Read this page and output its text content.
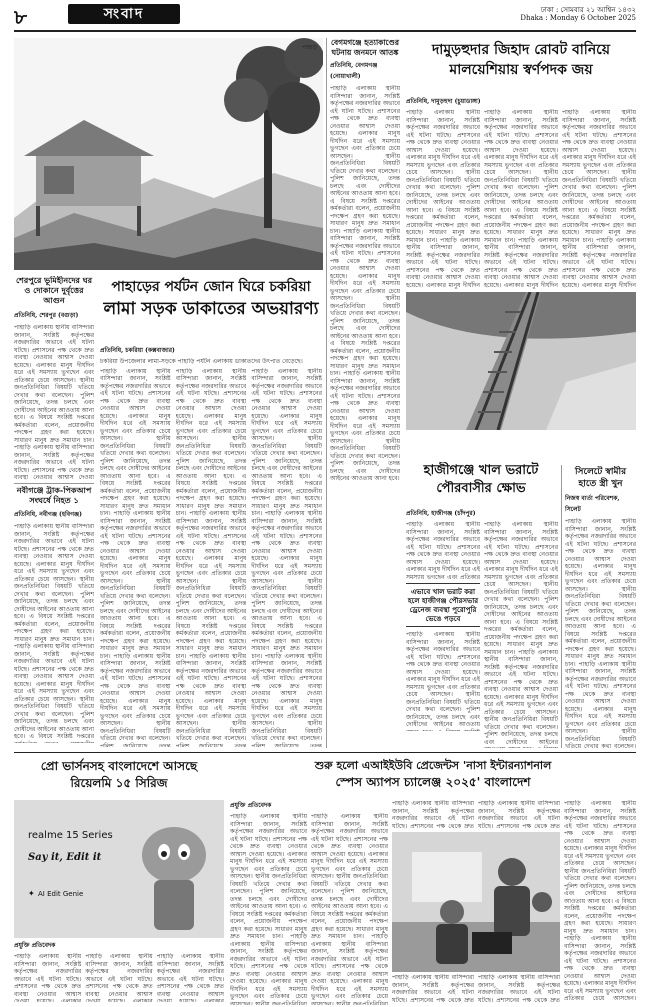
৮	সংবাদ	ঢাকা : সোমবার ২১ আশ্বিন ১৪৩২
Dhaka : Monday 6 October 2025
পাহাড়
শেরপুরে ভূমিহীনদের ঘর ও দোকানে দুর্বৃত্তের আগুন
প্রতিনিধি, শেরপুর (বগুড়া)
পাহাড়ি এলাকায় স্থানীয় বাসিন্দারা জানান, সংশ্লিষ্ট কর্তৃপক্ষের নজরদারির অভাবে এই ঘটনা ঘটছে। প্রশাসনের পক্ষ থেকে দ্রুত ব্যবস্থা নেওয়ার আশ্বাস দেওয়া হয়েছে। এলাকার মানুষ দীর্ঘদিন ধরে এই সমস্যায় ভুগছেন এবং প্রতিকার চেয়ে আসছেন। স্থানীয় জনপ্রতিনিধিরা বিষয়টি খতিয়ে দেখার কথা বলেছেন। পুলিশ জানিয়েছে, তদন্ত চলছে এবং দোষীদের আইনের আওতায় আনা হবে। এ বিষয়ে সংশ্লিষ্ট দপ্তরের কর্মকর্তারা বলেন, প্রয়োজনীয় পদক্ষেপ গ্রহণ করা হয়েছে। সাধারণ মানুষ দ্রুত সমাধান চান। পাহাড়ি এলাকায় স্থানীয় বাসিন্দারা জানান, সংশ্লিষ্ট কর্তৃপক্ষের নজরদারির অভাবে এই ঘটনা ঘটছে। প্রশাসনের পক্ষ থেকে দ্রুত ব্যবস্থা নেওয়ার আশ্বাস দেওয়া হয়েছে। এলাকার মানুষ দীর্ঘদিন ধরে এই সমস্যায় ভুগছেন এবং প্রতিকার চেয়ে আসছেন। স্থানীয় জনপ্রতিনিধিরা বিষয়টি খতিয়ে দেখার কথা বলেছেন। পুলিশ জানিয়েছে, তদন্ত চলছে এবং দোষীদের আইনের আওতায় আনা হবে। এ বিষয়ে সংশ্লিষ্ট দপ্তরের কর্মকর্তারা বলেন, প্রয়োজনীয় পদক্ষেপ গ্রহণ করা হয়েছে। সাধারণ মানুষ দ্রুত সমাধান চান। পাহাড়ি এলাকায় স্থানীয় বাসিন্দারা জানান, সংশ্লিষ্ট কর্তৃপক্ষের নজরদারির অভাবে এই ঘটনা ঘটছে। প্রশাসনের পক্ষ থেকে দ্রুত ব্যবস্থা নেওয়ার আশ্বাস দেওয়া হয়েছে। এলাকার মানুষ দীর্ঘদিন ধরে এই সমস্যায় ভুগছেন এবং প্রতিকার চেয়ে আসছেন। স্থানীয় জনপ্রতিনিধিরা বিষয়টি খতিয়ে দেখার কথা বলেছেন। পুলিশ জানিয়েছে, তদন্ত চলছে এবং দোষীদের আইনের আওতায় আনা হবে।
নবীগঞ্জে ট্রাক-পিকআপ সংঘর্ষে নিহত ১
প্রতিনিধি, নবীগঞ্জ (হবিগঞ্জ)
পাহাড়ি এলাকায় স্থানীয় বাসিন্দারা জানান, সংশ্লিষ্ট কর্তৃপক্ষের নজরদারির অভাবে এই ঘটনা ঘটছে। প্রশাসনের পক্ষ থেকে দ্রুত ব্যবস্থা নেওয়ার আশ্বাস দেওয়া হয়েছে। এলাকার মানুষ দীর্ঘদিন ধরে এই সমস্যায় ভুগছেন এবং প্রতিকার চেয়ে আসছেন। স্থানীয় জনপ্রতিনিধিরা বিষয়টি খতিয়ে দেখার কথা বলেছেন। পুলিশ জানিয়েছে, তদন্ত চলছে এবং দোষীদের আইনের আওতায় আনা হবে। এ বিষয়ে সংশ্লিষ্ট দপ্তরের কর্মকর্তারা বলেন, প্রয়োজনীয় পদক্ষেপ গ্রহণ করা হয়েছে। সাধারণ মানুষ দ্রুত সমাধান চান। পাহাড়ি এলাকায় স্থানীয় বাসিন্দারা জানান, সংশ্লিষ্ট কর্তৃপক্ষের নজরদারির অভাবে এই ঘটনা ঘটছে। প্রশাসনের পক্ষ থেকে দ্রুত ব্যবস্থা নেওয়ার আশ্বাস দেওয়া হয়েছে। এলাকার মানুষ দীর্ঘদিন ধরে এই সমস্যায় ভুগছেন এবং প্রতিকার চেয়ে আসছেন। স্থানীয় জনপ্রতিনিধিরা বিষয়টি খতিয়ে দেখার কথা বলেছেন। পুলিশ জানিয়েছে, তদন্ত চলছে এবং দোষীদের আইনের আওতায় আনা হবে। এ বিষয়ে সংশ্লিষ্ট দপ্তরের কর্মকর্তারা বলেন, প্রয়োজনীয় পদক্ষেপ গ্রহণ করা হয়েছে। সাধারণ মানুষ দ্রুত সমাধান চান। পাহাড়ি এলাকায় স্থানীয় বাসিন্দারা জানান, সংশ্লিষ্ট কর্তৃপক্ষের নজরদারির অভাবে এই ঘটনা ঘটছে। প্রশাসনের পক্ষ থেকে দ্রুত ব্যবস্থা নেওয়ার আশ্বাস দেওয়া হয়েছে। এলাকার মানুষ দীর্ঘদিন ধরে এই সমস্যায় ভুগছেন এবং প্রতিকার চেয়ে আসছেন। স্থানীয় জনপ্রতিনিধিরা বিষয়টি খতিয়ে দেখার কথা বলেছেন। পুলিশ জানিয়েছে, তদন্ত চলছে এবং দোষীদের আইনের আওতায় আনা হবে।
পাহাড়ের পর্যটন জোন ঘিরে চকরিয়া
লামা সড়ক ডাকাতের অভয়ারণ্য
প্রতিনিধি, চকরিয়া (কক্সবাজার)
চকরিয়া উপজেলার লামা-সড়কে পাহাড়ি পর্যটন এলাকায় ডাকাতদের উৎপাত বেড়েছে।
পাহাড়ি এলাকায় স্থানীয় বাসিন্দারা জানান, সংশ্লিষ্ট কর্তৃপক্ষের নজরদারির অভাবে এই ঘটনা ঘটছে। প্রশাসনের পক্ষ থেকে দ্রুত ব্যবস্থা নেওয়ার আশ্বাস দেওয়া হয়েছে। এলাকার মানুষ দীর্ঘদিন ধরে এই সমস্যায় ভুগছেন এবং প্রতিকার চেয়ে আসছেন। স্থানীয় জনপ্রতিনিধিরা বিষয়টি খতিয়ে দেখার কথা বলেছেন। পুলিশ জানিয়েছে, তদন্ত চলছে এবং দোষীদের আইনের আওতায় আনা হবে। এ বিষয়ে সংশ্লিষ্ট দপ্তরের কর্মকর্তারা বলেন, প্রয়োজনীয় পদক্ষেপ গ্রহণ করা হয়েছে। সাধারণ মানুষ দ্রুত সমাধান চান। পাহাড়ি এলাকায় স্থানীয় বাসিন্দারা জানান, সংশ্লিষ্ট কর্তৃপক্ষের নজরদারির অভাবে এই ঘটনা ঘটছে। প্রশাসনের পক্ষ থেকে দ্রুত ব্যবস্থা নেওয়ার আশ্বাস দেওয়া হয়েছে। এলাকার মানুষ দীর্ঘদিন ধরে এই সমস্যায় ভুগছেন এবং প্রতিকার চেয়ে আসছেন। স্থানীয় জনপ্রতিনিধিরা বিষয়টি খতিয়ে দেখার কথা বলেছেন। পুলিশ জানিয়েছে, তদন্ত চলছে এবং দোষীদের আইনের আওতায় আনা হবে। এ বিষয়ে সংশ্লিষ্ট দপ্তরের কর্মকর্তারা বলেন, প্রয়োজনীয় পদক্ষেপ গ্রহণ করা হয়েছে। সাধারণ মানুষ দ্রুত সমাধান চান। পাহাড়ি এলাকায় স্থানীয় বাসিন্দারা জানান, সংশ্লিষ্ট কর্তৃপক্ষের নজরদারির অভাবে এই ঘটনা ঘটছে। প্রশাসনের পক্ষ থেকে দ্রুত ব্যবস্থা নেওয়ার আশ্বাস দেওয়া হয়েছে। এলাকার মানুষ দীর্ঘদিন ধরে এই সমস্যায় ভুগছেন এবং প্রতিকার চেয়ে আসছেন। স্থানীয় জনপ্রতিনিধিরা বিষয়টি খতিয়ে দেখার কথা বলেছেন। পুলিশ জানিয়েছে, তদন্ত চলছে এবং দোষীদের আইনের আওতায় আনা হবে।
পাহাড়ি এলাকায় স্থানীয় বাসিন্দারা জানান, সংশ্লিষ্ট কর্তৃপক্ষের নজরদারির অভাবে এই ঘটনা ঘটছে। প্রশাসনের পক্ষ থেকে দ্রুত ব্যবস্থা নেওয়ার আশ্বাস দেওয়া হয়েছে। এলাকার মানুষ দীর্ঘদিন ধরে এই সমস্যায় ভুগছেন এবং প্রতিকার চেয়ে আসছেন। স্থানীয় জনপ্রতিনিধিরা বিষয়টি খতিয়ে দেখার কথা বলেছেন। পুলিশ জানিয়েছে, তদন্ত চলছে এবং দোষীদের আইনের আওতায় আনা হবে। এ বিষয়ে সংশ্লিষ্ট দপ্তরের কর্মকর্তারা বলেন, প্রয়োজনীয় পদক্ষেপ গ্রহণ করা হয়েছে। সাধারণ মানুষ দ্রুত সমাধান চান। পাহাড়ি এলাকায় স্থানীয় বাসিন্দারা জানান, সংশ্লিষ্ট কর্তৃপক্ষের নজরদারির অভাবে এই ঘটনা ঘটছে। প্রশাসনের পক্ষ থেকে দ্রুত ব্যবস্থা নেওয়ার আশ্বাস দেওয়া হয়েছে। এলাকার মানুষ দীর্ঘদিন ধরে এই সমস্যায় ভুগছেন এবং প্রতিকার চেয়ে আসছেন। স্থানীয় জনপ্রতিনিধিরা বিষয়টি খতিয়ে দেখার কথা বলেছেন। পুলিশ জানিয়েছে, তদন্ত চলছে এবং দোষীদের আইনের আওতায় আনা হবে। এ বিষয়ে সংশ্লিষ্ট দপ্তরের কর্মকর্তারা বলেন, প্রয়োজনীয় পদক্ষেপ গ্রহণ করা হয়েছে। সাধারণ মানুষ দ্রুত সমাধান চান। পাহাড়ি এলাকায় স্থানীয় বাসিন্দারা জানান, সংশ্লিষ্ট কর্তৃপক্ষের নজরদারির অভাবে এই ঘটনা ঘটছে। প্রশাসনের পক্ষ থেকে দ্রুত ব্যবস্থা নেওয়ার আশ্বাস দেওয়া হয়েছে। এলাকার মানুষ দীর্ঘদিন ধরে এই সমস্যায় ভুগছেন এবং প্রতিকার চেয়ে আসছেন। স্থানীয় জনপ্রতিনিধিরা বিষয়টি খতিয়ে দেখার কথা বলেছেন। পুলিশ জানিয়েছে, তদন্ত চলছে এবং দোষীদের আইনের আওতায় আনা হবে।
পাহাড়ি এলাকায় স্থানীয় বাসিন্দারা জানান, সংশ্লিষ্ট কর্তৃপক্ষের নজরদারির অভাবে এই ঘটনা ঘটছে। প্রশাসনের পক্ষ থেকে দ্রুত ব্যবস্থা নেওয়ার আশ্বাস দেওয়া হয়েছে। এলাকার মানুষ দীর্ঘদিন ধরে এই সমস্যায় ভুগছেন এবং প্রতিকার চেয়ে আসছেন। স্থানীয় জনপ্রতিনিধিরা বিষয়টি খতিয়ে দেখার কথা বলেছেন। পুলিশ জানিয়েছে, তদন্ত চলছে এবং দোষীদের আইনের আওতায় আনা হবে। এ বিষয়ে সংশ্লিষ্ট দপ্তরের কর্মকর্তারা বলেন, প্রয়োজনীয় পদক্ষেপ গ্রহণ করা হয়েছে। সাধারণ মানুষ দ্রুত সমাধান চান। পাহাড়ি এলাকায় স্থানীয় বাসিন্দারা জানান, সংশ্লিষ্ট কর্তৃপক্ষের নজরদারির অভাবে এই ঘটনা ঘটছে। প্রশাসনের পক্ষ থেকে দ্রুত ব্যবস্থা নেওয়ার আশ্বাস দেওয়া হয়েছে। এলাকার মানুষ দীর্ঘদিন ধরে এই সমস্যায় ভুগছেন এবং প্রতিকার চেয়ে আসছেন। স্থানীয় জনপ্রতিনিধিরা বিষয়টি খতিয়ে দেখার কথা বলেছেন। পুলিশ জানিয়েছে, তদন্ত চলছে এবং দোষীদের আইনের আওতায় আনা হবে। এ বিষয়ে সংশ্লিষ্ট দপ্তরের কর্মকর্তারা বলেন, প্রয়োজনীয় পদক্ষেপ গ্রহণ করা হয়েছে। সাধারণ মানুষ দ্রুত সমাধান চান। পাহাড়ি এলাকায় স্থানীয় বাসিন্দারা জানান, সংশ্লিষ্ট কর্তৃপক্ষের নজরদারির অভাবে এই ঘটনা ঘটছে। প্রশাসনের পক্ষ থেকে দ্রুত ব্যবস্থা নেওয়ার আশ্বাস দেওয়া হয়েছে। এলাকার মানুষ দীর্ঘদিন ধরে এই সমস্যায় ভুগছেন এবং প্রতিকার চেয়ে আসছেন। স্থানীয় জনপ্রতিনিধিরা বিষয়টি খতিয়ে দেখার কথা বলেছেন। পুলিশ জানিয়েছে, তদন্ত চলছে এবং দোষীদের আইনের আওতায় আনা হবে।
বেগমগঞ্জে হত্যাকাণ্ডের ঘটনায় জনমনে আতঙ্ক
প্রতিনিধি, বেগমগঞ্জ (নোয়াখালী)
পাহাড়ি এলাকায় স্থানীয় বাসিন্দারা জানান, সংশ্লিষ্ট কর্তৃপক্ষের নজরদারির অভাবে এই ঘটনা ঘটছে। প্রশাসনের পক্ষ থেকে দ্রুত ব্যবস্থা নেওয়ার আশ্বাস দেওয়া হয়েছে। এলাকার মানুষ দীর্ঘদিন ধরে এই সমস্যায় ভুগছেন এবং প্রতিকার চেয়ে আসছেন। স্থানীয় জনপ্রতিনিধিরা বিষয়টি খতিয়ে দেখার কথা বলেছেন। পুলিশ জানিয়েছে, তদন্ত চলছে এবং দোষীদের আইনের আওতায় আনা হবে। এ বিষয়ে সংশ্লিষ্ট দপ্তরের কর্মকর্তারা বলেন, প্রয়োজনীয় পদক্ষেপ গ্রহণ করা হয়েছে। সাধারণ মানুষ দ্রুত সমাধান চান। পাহাড়ি এলাকায় স্থানীয় বাসিন্দারা জানান, সংশ্লিষ্ট কর্তৃপক্ষের নজরদারির অভাবে এই ঘটনা ঘটছে। প্রশাসনের পক্ষ থেকে দ্রুত ব্যবস্থা নেওয়ার আশ্বাস দেওয়া হয়েছে। এলাকার মানুষ দীর্ঘদিন ধরে এই সমস্যায় ভুগছেন এবং প্রতিকার চেয়ে আসছেন। স্থানীয় জনপ্রতিনিধিরা বিষয়টি খতিয়ে দেখার কথা বলেছেন। পুলিশ জানিয়েছে, তদন্ত চলছে এবং দোষীদের আইনের আওতায় আনা হবে। এ বিষয়ে সংশ্লিষ্ট দপ্তরের কর্মকর্তারা বলেন, প্রয়োজনীয় পদক্ষেপ গ্রহণ করা হয়েছে। সাধারণ মানুষ দ্রুত সমাধান চান। পাহাড়ি এলাকায় স্থানীয় বাসিন্দারা জানান, সংশ্লিষ্ট কর্তৃপক্ষের নজরদারির অভাবে এই ঘটনা ঘটছে। প্রশাসনের পক্ষ থেকে দ্রুত ব্যবস্থা নেওয়ার আশ্বাস দেওয়া হয়েছে। এলাকার মানুষ দীর্ঘদিন ধরে এই সমস্যায় ভুগছেন এবং প্রতিকার চেয়ে আসছেন। স্থানীয় জনপ্রতিনিধিরা বিষয়টি খতিয়ে দেখার কথা বলেছেন। পুলিশ জানিয়েছে, তদন্ত চলছে এবং দোষীদের আইনের আওতায় আনা হবে।
দামুড়হুদার জিহাদ রোবট বানিয়ে
মালয়েশিয়ায় স্বর্ণপদক জয়
প্রতিনিধি, দামুড়হুদা (চুয়াডাঙ্গা)
পাহাড়ি এলাকায় স্থানীয় বাসিন্দারা জানান, সংশ্লিষ্ট কর্তৃপক্ষের নজরদারির অভাবে এই ঘটনা ঘটছে। প্রশাসনের পক্ষ থেকে দ্রুত ব্যবস্থা নেওয়ার আশ্বাস দেওয়া হয়েছে। এলাকার মানুষ দীর্ঘদিন ধরে এই সমস্যায় ভুগছেন এবং প্রতিকার চেয়ে আসছেন। স্থানীয় জনপ্রতিনিধিরা বিষয়টি খতিয়ে দেখার কথা বলেছেন। পুলিশ জানিয়েছে, তদন্ত চলছে এবং দোষীদের আইনের আওতায় আনা হবে। এ বিষয়ে সংশ্লিষ্ট দপ্তরের কর্মকর্তারা বলেন, প্রয়োজনীয় পদক্ষেপ গ্রহণ করা হয়েছে। সাধারণ মানুষ দ্রুত সমাধান চান। পাহাড়ি এলাকায় স্থানীয় বাসিন্দারা জানান, সংশ্লিষ্ট কর্তৃপক্ষের নজরদারির অভাবে এই ঘটনা ঘটছে। প্রশাসনের পক্ষ থেকে দ্রুত ব্যবস্থা নেওয়ার আশ্বাস দেওয়া হয়েছে। এলাকার মানুষ দীর্ঘদিন ধরে এই সমস্যায় ভুগছেন এবং প্রতিকার চেয়ে আসছেন। স্থানীয় জনপ্রতিনিধিরা বিষয়টি খতিয়ে দেখার কথা বলেছেন। পুলিশ জানিয়েছে, তদন্ত চলছে এবং দোষীদের আইনের আওতায় আনা হবে। এ বিষয়ে সংশ্লিষ্ট দপ্তরের কর্মকর্তারা বলেন, প্রয়োজনীয় পদক্ষেপ গ্রহণ করা হয়েছে। সাধারণ মানুষ দ্রুত সমাধান চান। পাহাড়ি এলাকায় স্থানীয় বাসিন্দারা জানান, সংশ্লিষ্ট কর্তৃপক্ষের নজরদারির অভাবে এই ঘটনা ঘটছে। প্রশাসনের পক্ষ থেকে দ্রুত ব্যবস্থা নেওয়ার আশ্বাস দেওয়া হয়েছে। এলাকার মানুষ দীর্ঘদিন ধরে এই সমস্যায় ভুগছেন এবং প্রতিকার চেয়ে আসছেন। স্থানীয় জনপ্রতিনিধিরা বিষয়টি খতিয়ে দেখার কথা বলেছেন। পুলিশ জানিয়েছে, তদন্ত চলছে এবং দোষীদের আইনের আওতায় আনা হবে।
পাহাড়ি এলাকায় স্থানীয় বাসিন্দারা জানান, সংশ্লিষ্ট কর্তৃপক্ষের নজরদারির অভাবে এই ঘটনা ঘটছে। প্রশাসনের পক্ষ থেকে দ্রুত ব্যবস্থা নেওয়ার আশ্বাস দেওয়া হয়েছে। এলাকার মানুষ দীর্ঘদিন ধরে এই সমস্যায় ভুগছেন এবং প্রতিকার চেয়ে আসছেন। স্থানীয় জনপ্রতিনিধিরা বিষয়টি খতিয়ে দেখার কথা বলেছেন। পুলিশ জানিয়েছে, তদন্ত চলছে এবং দোষীদের আইনের আওতায় আনা হবে। এ বিষয়ে সংশ্লিষ্ট দপ্তরের কর্মকর্তারা বলেন, প্রয়োজনীয় পদক্ষেপ গ্রহণ করা হয়েছে। সাধারণ মানুষ দ্রুত সমাধান চান। পাহাড়ি এলাকায় স্থানীয় বাসিন্দারা জানান, সংশ্লিষ্ট কর্তৃপক্ষের নজরদারির অভাবে এই ঘটনা ঘটছে। প্রশাসনের পক্ষ থেকে দ্রুত ব্যবস্থা নেওয়ার আশ্বাস দেওয়া হয়েছে। এলাকার মানুষ দীর্ঘদিন ধরে এই সমস্যায় ভুগছেন এবং প্রতিকার চেয়ে আসছেন। স্থানীয় জনপ্রতিনিধিরা বিষয়টি খতিয়ে দেখার কথা বলেছেন। পুলিশ জানিয়েছে, তদন্ত চলছে এবং দোষীদের আইনের আওতায় আনা হবে। এ বিষয়ে সংশ্লিষ্ট দপ্তরের কর্মকর্তারা বলেন, প্রয়োজনীয় পদক্ষেপ গ্রহণ করা হয়েছে। সাধারণ মানুষ দ্রুত সমাধান চান। পাহাড়ি এলাকায় স্থানীয় বাসিন্দারা জানান, সংশ্লিষ্ট কর্তৃপক্ষের নজরদারির অভাবে এই ঘটনা ঘটছে। প্রশাসনের পক্ষ থেকে দ্রুত ব্যবস্থা নেওয়ার আশ্বাস দেওয়া হয়েছে। এলাকার মানুষ দীর্ঘদিন ধরে এই সমস্যায় ভুগছেন এবং প্রতিকার চেয়ে আসছেন। স্থানীয় জনপ্রতিনিধিরা বিষয়টি খতিয়ে দেখার কথা বলেছেন। পুলিশ জানিয়েছে, তদন্ত চলছে এবং দোষীদের আইনের আওতায় আনা হবে।
পাহাড়ি এলাকায় স্থানীয় বাসিন্দারা জানান, সংশ্লিষ্ট কর্তৃপক্ষের নজরদারির অভাবে এই ঘটনা ঘটছে। প্রশাসনের পক্ষ থেকে দ্রুত ব্যবস্থা নেওয়ার আশ্বাস দেওয়া হয়েছে। এলাকার মানুষ দীর্ঘদিন ধরে এই সমস্যায় ভুগছেন এবং প্রতিকার চেয়ে আসছেন। স্থানীয় জনপ্রতিনিধিরা বিষয়টি খতিয়ে দেখার কথা বলেছেন। পুলিশ জানিয়েছে, তদন্ত চলছে এবং দোষীদের আইনের আওতায় আনা হবে। এ বিষয়ে সংশ্লিষ্ট দপ্তরের কর্মকর্তারা বলেন, প্রয়োজনীয় পদক্ষেপ গ্রহণ করা হয়েছে। সাধারণ মানুষ দ্রুত সমাধান চান। পাহাড়ি এলাকায় স্থানীয় বাসিন্দারা জানান, সংশ্লিষ্ট কর্তৃপক্ষের নজরদারির অভাবে এই ঘটনা ঘটছে। প্রশাসনের পক্ষ থেকে দ্রুত ব্যবস্থা নেওয়ার আশ্বাস দেওয়া হয়েছে। এলাকার মানুষ দীর্ঘদিন ধরে এই সমস্যায় ভুগছেন এবং প্রতিকার চেয়ে আসছেন। স্থানীয় জনপ্রতিনিধিরা বিষয়টি খতিয়ে দেখার কথা বলেছেন। পুলিশ জানিয়েছে, তদন্ত চলছে এবং দোষীদের আইনের আওতায় আনা হবে। এ বিষয়ে সংশ্লিষ্ট দপ্তরের কর্মকর্তারা বলেন, প্রয়োজনীয় পদক্ষেপ গ্রহণ করা হয়েছে। সাধারণ মানুষ দ্রুত সমাধান চান। পাহাড়ি এলাকায় স্থানীয় বাসিন্দারা জানান, সংশ্লিষ্ট কর্তৃপক্ষের নজরদারির অভাবে এই ঘটনা ঘটছে। প্রশাসনের পক্ষ থেকে দ্রুত ব্যবস্থা নেওয়ার আশ্বাস দেওয়া হয়েছে। এলাকার মানুষ দীর্ঘদিন ধরে এই সমস্যায় ভুগছেন এবং প্রতিকার চেয়ে আসছেন। স্থানীয় জনপ্রতিনিধিরা বিষয়টি খতিয়ে দেখার কথা বলেছেন। পুলিশ জানিয়েছে, তদন্ত চলছে এবং দোষীদের আইনের আওতায় আনা হবে।
হাজীগঞ্জে খাল ভরাটে
পৌরবাসীর ক্ষোভ
প্রতিনিধি, হাজীগঞ্জ (চাঁদপুর)
পাহাড়ি এলাকায় স্থানীয় বাসিন্দারা জানান, সংশ্লিষ্ট কর্তৃপক্ষের নজরদারির অভাবে এই ঘটনা ঘটছে। প্রশাসনের পক্ষ থেকে দ্রুত ব্যবস্থা নেওয়ার আশ্বাস দেওয়া হয়েছে। এলাকার মানুষ দীর্ঘদিন ধরে এই সমস্যায় ভুগছেন এবং প্রতিকার চেয়ে আসছেন। স্থানীয় জনপ্রতিনিধিরা বিষয়টি খতিয়ে দেখার কথা বলেছেন। পুলিশ জানিয়েছে, তদন্ত চলছে এবং দোষীদের আইনের আওতায় আনা হবে। এ বিষয়ে সংশ্লিষ্ট দপ্তরের কর্মকর্তারা বলেন, প্রয়োজনীয় পদক্ষেপ গ্রহণ করা হয়েছে। সাধারণ মানুষ দ্রুত সমাধান চান। পাহাড়ি এলাকায় স্থানীয় বাসিন্দারা জানান, সংশ্লিষ্ট কর্তৃপক্ষের নজরদারির অভাবে এই ঘটনা ঘটছে। প্রশাসনের পক্ষ থেকে দ্রুত ব্যবস্থা নেওয়ার আশ্বাস দেওয়া হয়েছে। এলাকার মানুষ দীর্ঘদিন ধরে এই সমস্যায় ভুগছেন এবং প্রতিকার চেয়ে আসছেন। স্থানীয় জনপ্রতিনিধিরা বিষয়টি খতিয়ে দেখার কথা বলেছেন। পুলিশ জানিয়েছে, তদন্ত চলছে এবং দোষীদের আইনের আওতায় আনা হবে। এ বিষয়ে সংশ্লিষ্ট দপ্তরের কর্মকর্তারা বলেন, প্রয়োজনীয় পদক্ষেপ গ্রহণ করা হয়েছে। সাধারণ মানুষ দ্রুত সমাধান চান। পাহাড়ি এলাকায় স্থানীয় বাসিন্দারা জানান, সংশ্লিষ্ট কর্তৃপক্ষের নজরদারির অভাবে এই ঘটনা ঘটছে। প্রশাসনের পক্ষ থেকে দ্রুত ব্যবস্থা নেওয়ার আশ্বাস দেওয়া হয়েছে। এলাকার মানুষ দীর্ঘদিন ধরে এই সমস্যায় ভুগছেন এবং প্রতিকার চেয়ে আসছেন। স্থানীয় জনপ্রতিনিধিরা বিষয়টি খতিয়ে দেখার কথা বলেছেন। পুলিশ জানিয়েছে, তদন্ত চলছে এবং দোষীদের আইনের আওতায় আনা হবে।
এভাবে খাল ভরাট করা হলে হাজীগঞ্জ পৌরসভার ড্রেনেজ ব্যবস্থা পুরোপুরি ভেঙে পড়বে
পাহাড়ি এলাকায় স্থানীয় বাসিন্দারা জানান, সংশ্লিষ্ট কর্তৃপক্ষের নজরদারির অভাবে এই ঘটনা ঘটছে। প্রশাসনের পক্ষ থেকে দ্রুত ব্যবস্থা নেওয়ার আশ্বাস দেওয়া হয়েছে। এলাকার মানুষ দীর্ঘদিন ধরে এই সমস্যায় ভুগছেন এবং প্রতিকার চেয়ে আসছেন। স্থানীয় জনপ্রতিনিধিরা বিষয়টি খতিয়ে দেখার কথা বলেছেন। পুলিশ জানিয়েছে, তদন্ত চলছে এবং দোষীদের আইনের আওতায় আনা হবে। এ বিষয়ে সংশ্লিষ্ট দপ্তরের কর্মকর্তারা বলেন, প্রয়োজনীয় পদক্ষেপ গ্রহণ করা হয়েছে। সাধারণ মানুষ দ্রুত সমাধান চান। পাহাড়ি এলাকায় স্থানীয় বাসিন্দারা জানান, সংশ্লিষ্ট কর্তৃপক্ষের নজরদারির অভাবে এই ঘটনা ঘটছে। প্রশাসনের পক্ষ থেকে দ্রুত ব্যবস্থা নেওয়ার আশ্বাস দেওয়া হয়েছে। এলাকার মানুষ দীর্ঘদিন ধরে এই সমস্যায় ভুগছেন এবং প্রতিকার চেয়ে আসছেন। স্থানীয় জনপ্রতিনিধিরা বিষয়টি খতিয়ে দেখার কথা বলেছেন। পুলিশ জানিয়েছে, তদন্ত চলছে এবং দোষীদের আইনের আওতায় আনা হবে। এ বিষয়ে সংশ্লিষ্ট দপ্তরের কর্মকর্তারা বলেন, প্রয়োজনীয় পদক্ষেপ গ্রহণ করা হয়েছে। সাধারণ মানুষ দ্রুত সমাধান চান। পাহাড়ি এলাকায় স্থানীয় বাসিন্দারা জানান, সংশ্লিষ্ট কর্তৃপক্ষের নজরদারির অভাবে এই ঘটনা ঘটছে। প্রশাসনের পক্ষ থেকে দ্রুত ব্যবস্থা নেওয়ার আশ্বাস দেওয়া হয়েছে। এলাকার মানুষ দীর্ঘদিন ধরে এই সমস্যায় ভুগছেন এবং প্রতিকার চেয়ে আসছেন। স্থানীয় জনপ্রতিনিধিরা বিষয়টি খতিয়ে দেখার কথা বলেছেন। পুলিশ জানিয়েছে, তদন্ত চলছে এবং দোষীদের আইনের আওতায় আনা হবে।
পাহাড়ি এলাকায় স্থানীয় বাসিন্দারা জানান, সংশ্লিষ্ট কর্তৃপক্ষের নজরদারির অভাবে এই ঘটনা ঘটছে। প্রশাসনের পক্ষ থেকে দ্রুত ব্যবস্থা নেওয়ার আশ্বাস দেওয়া হয়েছে। এলাকার মানুষ দীর্ঘদিন ধরে এই সমস্যায় ভুগছেন এবং প্রতিকার চেয়ে আসছেন। স্থানীয় জনপ্রতিনিধিরা বিষয়টি খতিয়ে দেখার কথা বলেছেন। পুলিশ জানিয়েছে, তদন্ত চলছে এবং দোষীদের আইনের আওতায় আনা হবে। এ বিষয়ে সংশ্লিষ্ট দপ্তরের কর্মকর্তারা বলেন, প্রয়োজনীয় পদক্ষেপ গ্রহণ করা হয়েছে। সাধারণ মানুষ দ্রুত সমাধান চান। পাহাড়ি এলাকায় স্থানীয় বাসিন্দারা জানান, সংশ্লিষ্ট কর্তৃপক্ষের নজরদারির অভাবে এই ঘটনা ঘটছে। প্রশাসনের পক্ষ থেকে দ্রুত ব্যবস্থা নেওয়ার আশ্বাস দেওয়া হয়েছে। এলাকার মানুষ দীর্ঘদিন ধরে এই সমস্যায় ভুগছেন এবং প্রতিকার চেয়ে আসছেন। স্থানীয় জনপ্রতিনিধিরা বিষয়টি খতিয়ে দেখার কথা বলেছেন। পুলিশ জানিয়েছে, তদন্ত চলছে এবং দোষীদের আইনের আওতায় আনা হবে। এ বিষয়ে সংশ্লিষ্ট দপ্তরের কর্মকর্তারা বলেন, প্রয়োজনীয় পদক্ষেপ গ্রহণ করা হয়েছে। সাধারণ মানুষ দ্রুত সমাধান চান। পাহাড়ি এলাকায় স্থানীয় বাসিন্দারা জানান, সংশ্লিষ্ট কর্তৃপক্ষের নজরদারির অভাবে এই ঘটনা ঘটছে। প্রশাসনের পক্ষ থেকে দ্রুত ব্যবস্থা নেওয়ার আশ্বাস দেওয়া হয়েছে। এলাকার মানুষ দীর্ঘদিন ধরে এই সমস্যায় ভুগছেন এবং প্রতিকার চেয়ে আসছেন। স্থানীয় জনপ্রতিনিধিরা বিষয়টি খতিয়ে দেখার কথা বলেছেন। পুলিশ জানিয়েছে, তদন্ত চলছে এবং দোষীদের আইনের আওতায় আনা হবে।
সিলেটে স্বামীর হাতে স্ত্রী খুন
নিজস্ব বার্তা পরিবেশক, সিলেট
পাহাড়ি এলাকায় স্থানীয় বাসিন্দারা জানান, সংশ্লিষ্ট কর্তৃপক্ষের নজরদারির অভাবে এই ঘটনা ঘটছে। প্রশাসনের পক্ষ থেকে দ্রুত ব্যবস্থা নেওয়ার আশ্বাস দেওয়া হয়েছে। এলাকার মানুষ দীর্ঘদিন ধরে এই সমস্যায় ভুগছেন এবং প্রতিকার চেয়ে আসছেন। স্থানীয় জনপ্রতিনিধিরা বিষয়টি খতিয়ে দেখার কথা বলেছেন। পুলিশ জানিয়েছে, তদন্ত চলছে এবং দোষীদের আইনের আওতায় আনা হবে। এ বিষয়ে সংশ্লিষ্ট দপ্তরের কর্মকর্তারা বলেন, প্রয়োজনীয় পদক্ষেপ গ্রহণ করা হয়েছে। সাধারণ মানুষ দ্রুত সমাধান চান। পাহাড়ি এলাকায় স্থানীয় বাসিন্দারা জানান, সংশ্লিষ্ট কর্তৃপক্ষের নজরদারির অভাবে এই ঘটনা ঘটছে। প্রশাসনের পক্ষ থেকে দ্রুত ব্যবস্থা নেওয়ার আশ্বাস দেওয়া হয়েছে। এলাকার মানুষ দীর্ঘদিন ধরে এই সমস্যায় ভুগছেন এবং প্রতিকার চেয়ে আসছেন। স্থানীয় জনপ্রতিনিধিরা বিষয়টি খতিয়ে দেখার কথা বলেছেন। পুলিশ জানিয়েছে, তদন্ত চলছে এবং দোষীদের আইনের আওতায় আনা হবে। এ বিষয়ে সংশ্লিষ্ট দপ্তরের কর্মকর্তারা বলেন, প্রয়োজনীয় পদক্ষেপ গ্রহণ করা হয়েছে। সাধারণ মানুষ দ্রুত সমাধান চান। পাহাড়ি এলাকায় স্থানীয় বাসিন্দারা জানান, সংশ্লিষ্ট কর্তৃপক্ষের নজরদারির অভাবে এই ঘটনা ঘটছে। প্রশাসনের পক্ষ থেকে দ্রুত ব্যবস্থা নেওয়ার আশ্বাস দেওয়া হয়েছে। এলাকার মানুষ দীর্ঘদিন ধরে এই সমস্যায় ভুগছেন এবং প্রতিকার চেয়ে আসছেন। স্থানীয় জনপ্রতিনিধিরা বিষয়টি খতিয়ে দেখার কথা বলেছেন। পুলিশ জানিয়েছে, তদন্ত চলছে এবং দোষীদের আইনের আওতায় আনা হবে।
প্রো ভার্সনসহ বাংলাদেশে আসছে
রিয়েলমি ১৫ সিরিজ
realme 15 Series
Say it, Edit it
AI Edit Genie
✦
প্রযুক্তি প্রতিবেদক
পাহাড়ি এলাকায় স্থানীয় বাসিন্দারা জানান, সংশ্লিষ্ট কর্তৃপক্ষের নজরদারির অভাবে এই ঘটনা ঘটছে। প্রশাসনের পক্ষ থেকে দ্রুত ব্যবস্থা নেওয়ার আশ্বাস দেওয়া হয়েছে। এলাকার মানুষ দীর্ঘদিন ধরে এই সমস্যায় ভুগছেন এবং প্রতিকার চেয়ে আসছেন। স্থানীয় জনপ্রতিনিধিরা বিষয়টি খতিয়ে দেখার কথা বলেছেন। পুলিশ জানিয়েছে, তদন্ত চলছে এবং দোষীদের আইনের আওতায় আনা হবে। এ বিষয়ে সংশ্লিষ্ট দপ্তরের কর্মকর্তারা বলেন, প্রয়োজনীয় পদক্ষেপ গ্রহণ করা হয়েছে। সাধারণ মানুষ দ্রুত সমাধান চান। পাহাড়ি এলাকায় স্থানীয় বাসিন্দারা জানান, সংশ্লিষ্ট কর্তৃপক্ষের নজরদারির অভাবে এই ঘটনা ঘটছে। প্রশাসনের পক্ষ থেকে দ্রুত ব্যবস্থা নেওয়ার আশ্বাস দেওয়া হয়েছে। এলাকার মানুষ দীর্ঘদিন ধরে এই সমস্যায় ভুগছেন এবং প্রতিকার চেয়ে আসছেন। স্থানীয় জনপ্রতিনিধিরা বিষয়টি খতিয়ে দেখার কথা বলেছেন। পুলিশ জানিয়েছে, তদন্ত চলছে এবং দোষীদের আইনের আওতায় আনা হবে। এ বিষয়ে সংশ্লিষ্ট দপ্তরের কর্মকর্তারা বলেন, প্রয়োজনীয় পদক্ষেপ গ্রহণ করা হয়েছে। সাধারণ মানুষ দ্রুত সমাধান চান। পাহাড়ি এলাকায় স্থানীয় বাসিন্দারা জানান, সংশ্লিষ্ট কর্তৃপক্ষের নজরদারির অভাবে এই ঘটনা ঘটছে। প্রশাসনের পক্ষ থেকে দ্রুত ব্যবস্থা নেওয়ার আশ্বাস দেওয়া হয়েছে। এলাকার মানুষ দীর্ঘদিন ধরে এই সমস্যায় ভুগছেন এবং প্রতিকার চেয়ে আসছেন। স্থানীয় জনপ্রতিনিধিরা বিষয়টি খতিয়ে দেখার কথা বলেছেন। পুলিশ জানিয়েছে, তদন্ত চলছে এবং দোষীদের আইনের আওতায় আনা হবে।
পাহাড়ি এলাকায় স্থানীয় বাসিন্দারা জানান, সংশ্লিষ্ট কর্তৃপক্ষের নজরদারির অভাবে এই ঘটনা ঘটছে। প্রশাসনের পক্ষ থেকে দ্রুত ব্যবস্থা নেওয়ার আশ্বাস দেওয়া হয়েছে। এলাকার মানুষ দীর্ঘদিন ধরে এই সমস্যায় ভুগছেন এবং প্রতিকার চেয়ে আসছেন। স্থানীয় জনপ্রতিনিধিরা বিষয়টি খতিয়ে দেখার কথা বলেছেন। পুলিশ জানিয়েছে, তদন্ত চলছে এবং দোষীদের আইনের আওতায় আনা হবে। এ বিষয়ে সংশ্লিষ্ট দপ্তরের কর্মকর্তারা বলেন, প্রয়োজনীয় পদক্ষেপ গ্রহণ করা হয়েছে। সাধারণ মানুষ দ্রুত সমাধান চান। পাহাড়ি এলাকায় স্থানীয় বাসিন্দারা জানান, সংশ্লিষ্ট কর্তৃপক্ষের নজরদারির অভাবে এই ঘটনা ঘটছে। প্রশাসনের পক্ষ থেকে দ্রুত ব্যবস্থা নেওয়ার আশ্বাস দেওয়া হয়েছে। এলাকার মানুষ দীর্ঘদিন ধরে এই সমস্যায় ভুগছেন এবং প্রতিকার চেয়ে আসছেন। স্থানীয় জনপ্রতিনিধিরা বিষয়টি খতিয়ে দেখার কথা বলেছেন। পুলিশ জানিয়েছে, তদন্ত চলছে এবং দোষীদের আইনের আওতায় আনা হবে। এ বিষয়ে সংশ্লিষ্ট দপ্তরের কর্মকর্তারা বলেন, প্রয়োজনীয় পদক্ষেপ গ্রহণ করা হয়েছে। সাধারণ মানুষ দ্রুত সমাধান চান। পাহাড়ি এলাকায় স্থানীয় বাসিন্দারা জানান, সংশ্লিষ্ট কর্তৃপক্ষের নজরদারির অভাবে এই ঘটনা ঘটছে। প্রশাসনের পক্ষ থেকে দ্রুত ব্যবস্থা নেওয়ার আশ্বাস দেওয়া হয়েছে। এলাকার মানুষ দীর্ঘদিন ধরে এই সমস্যায় ভুগছেন এবং প্রতিকার চেয়ে আসছেন। স্থানীয় জনপ্রতিনিধিরা বিষয়টি খতিয়ে দেখার কথা বলেছেন। পুলিশ জানিয়েছে, তদন্ত চলছে এবং দোষীদের আইনের আওতায় আনা হবে।
পাহাড়ি এলাকায় স্থানীয় বাসিন্দারা জানান, সংশ্লিষ্ট কর্তৃপক্ষের নজরদারির অভাবে এই ঘটনা ঘটছে। প্রশাসনের পক্ষ থেকে দ্রুত ব্যবস্থা নেওয়ার আশ্বাস দেওয়া হয়েছে। এলাকার মানুষ দীর্ঘদিন ধরে এই সমস্যায় ভুগছেন এবং প্রতিকার চেয়ে আসছেন। স্থানীয় জনপ্রতিনিধিরা বিষয়টি খতিয়ে দেখার কথা বলেছেন। পুলিশ জানিয়েছে, তদন্ত চলছে এবং দোষীদের আইনের আওতায় আনা হবে। এ বিষয়ে সংশ্লিষ্ট দপ্তরের কর্মকর্তারা বলেন, প্রয়োজনীয় পদক্ষেপ গ্রহণ করা হয়েছে। সাধারণ মানুষ দ্রুত সমাধান চান। পাহাড়ি এলাকায় স্থানীয় বাসিন্দারা জানান, সংশ্লিষ্ট কর্তৃপক্ষের নজরদারির অভাবে এই ঘটনা ঘটছে। প্রশাসনের পক্ষ থেকে দ্রুত ব্যবস্থা নেওয়ার আশ্বাস দেওয়া হয়েছে। এলাকার মানুষ দীর্ঘদিন ধরে এই সমস্যায় ভুগছেন এবং প্রতিকার চেয়ে আসছেন। স্থানীয় জনপ্রতিনিধিরা বিষয়টি খতিয়ে দেখার কথা বলেছেন। পুলিশ জানিয়েছে, তদন্ত চলছে এবং দোষীদের আইনের আওতায় আনা হবে। এ বিষয়ে সংশ্লিষ্ট দপ্তরের কর্মকর্তারা বলেন, প্রয়োজনীয় পদক্ষেপ গ্রহণ করা হয়েছে। সাধারণ মানুষ দ্রুত সমাধান চান। পাহাড়ি এলাকায় স্থানীয় বাসিন্দারা জানান, সংশ্লিষ্ট কর্তৃপক্ষের নজরদারির অভাবে এই ঘটনা ঘটছে। প্রশাসনের পক্ষ থেকে দ্রুত ব্যবস্থা নেওয়ার আশ্বাস দেওয়া হয়েছে। এলাকার মানুষ দীর্ঘদিন ধরে এই সমস্যায় ভুগছেন এবং প্রতিকার চেয়ে আসছেন। স্থানীয় জনপ্রতিনিধিরা বিষয়টি খতিয়ে দেখার কথা বলেছেন। পুলিশ জানিয়েছে, তদন্ত চলছে এবং দোষীদের আইনের আওতায় আনা হবে।
শুরু হলো এআইইউবি প্রেজেন্টস 'নাসা ইন্টারন্যাশনাল
স্পেস অ্যাপস চ্যালেঞ্জ ২০২৫' বাংলাদেশ
প্রযুক্তি প্রতিবেদক
পাহাড়ি এলাকায় স্থানীয় বাসিন্দারা জানান, সংশ্লিষ্ট কর্তৃপক্ষের নজরদারির অভাবে এই ঘটনা ঘটছে। প্রশাসনের পক্ষ থেকে দ্রুত ব্যবস্থা নেওয়ার আশ্বাস দেওয়া হয়েছে। এলাকার মানুষ দীর্ঘদিন ধরে এই সমস্যায় ভুগছেন এবং প্রতিকার চেয়ে আসছেন। স্থানীয় জনপ্রতিনিধিরা বিষয়টি খতিয়ে দেখার কথা বলেছেন। পুলিশ জানিয়েছে, তদন্ত চলছে এবং দোষীদের আইনের আওতায় আনা হবে। এ বিষয়ে সংশ্লিষ্ট দপ্তরের কর্মকর্তারা বলেন, প্রয়োজনীয় পদক্ষেপ গ্রহণ করা হয়েছে। সাধারণ মানুষ দ্রুত সমাধান চান। পাহাড়ি এলাকায় স্থানীয় বাসিন্দারা জানান, সংশ্লিষ্ট কর্তৃপক্ষের নজরদারির অভাবে এই ঘটনা ঘটছে। প্রশাসনের পক্ষ থেকে দ্রুত ব্যবস্থা নেওয়ার আশ্বাস দেওয়া হয়েছে। এলাকার মানুষ দীর্ঘদিন ধরে এই সমস্যায় ভুগছেন এবং প্রতিকার চেয়ে আসছেন। স্থানীয় জনপ্রতিনিধিরা বিষয়টি খতিয়ে দেখার কথা বলেছেন। পুলিশ জানিয়েছে, তদন্ত চলছে এবং দোষীদের আইনের আওতায় আনা হবে। এ বিষয়ে সংশ্লিষ্ট দপ্তরের কর্মকর্তারা বলেন, প্রয়োজনীয় পদক্ষেপ গ্রহণ করা হয়েছে। সাধারণ মানুষ দ্রুত সমাধান চান। পাহাড়ি এলাকায় স্থানীয় বাসিন্দারা জানান, সংশ্লিষ্ট কর্তৃপক্ষের নজরদারির অভাবে এই ঘটনা ঘটছে। প্রশাসনের পক্ষ থেকে দ্রুত ব্যবস্থা নেওয়ার আশ্বাস দেওয়া হয়েছে। এলাকার মানুষ দীর্ঘদিন ধরে এই সমস্যায় ভুগছেন এবং প্রতিকার চেয়ে আসছেন। স্থানীয় জনপ্রতিনিধিরা বিষয়টি খতিয়ে দেখার কথা বলেছেন। পুলিশ জানিয়েছে, তদন্ত চলছে এবং দোষীদের আইনের আওতায় আনা হবে।
পাহাড়ি এলাকায় স্থানীয় বাসিন্দারা জানান, সংশ্লিষ্ট কর্তৃপক্ষের নজরদারির অভাবে এই ঘটনা ঘটছে। প্রশাসনের পক্ষ থেকে দ্রুত ব্যবস্থা নেওয়ার আশ্বাস দেওয়া হয়েছে। এলাকার মানুষ দীর্ঘদিন ধরে এই সমস্যায় ভুগছেন এবং প্রতিকার চেয়ে আসছেন। স্থানীয় জনপ্রতিনিধিরা বিষয়টি খতিয়ে দেখার কথা বলেছেন। পুলিশ জানিয়েছে, তদন্ত চলছে এবং দোষীদের আইনের আওতায় আনা হবে। এ বিষয়ে সংশ্লিষ্ট দপ্তরের কর্মকর্তারা বলেন, প্রয়োজনীয় পদক্ষেপ গ্রহণ করা হয়েছে। সাধারণ মানুষ দ্রুত সমাধান চান। পাহাড়ি এলাকায় স্থানীয় বাসিন্দারা জানান, সংশ্লিষ্ট কর্তৃপক্ষের নজরদারির অভাবে এই ঘটনা ঘটছে। প্রশাসনের পক্ষ থেকে দ্রুত ব্যবস্থা নেওয়ার আশ্বাস দেওয়া হয়েছে। এলাকার মানুষ দীর্ঘদিন ধরে এই সমস্যায় ভুগছেন এবং প্রতিকার চেয়ে আসছেন। স্থানীয় জনপ্রতিনিধিরা বিষয়টি খতিয়ে দেখার কথা বলেছেন। পুলিশ জানিয়েছে, তদন্ত চলছে এবং দোষীদের আইনের আওতায় আনা হবে। এ বিষয়ে সংশ্লিষ্ট দপ্তরের কর্মকর্তারা বলেন, প্রয়োজনীয় পদক্ষেপ গ্রহণ করা হয়েছে। সাধারণ মানুষ দ্রুত সমাধান চান। পাহাড়ি এলাকায় স্থানীয় বাসিন্দারা জানান, সংশ্লিষ্ট কর্তৃপক্ষের নজরদারির অভাবে এই ঘটনা ঘটছে। প্রশাসনের পক্ষ থেকে দ্রুত ব্যবস্থা নেওয়ার আশ্বাস দেওয়া হয়েছে। এলাকার মানুষ দীর্ঘদিন ধরে এই সমস্যায় ভুগছেন এবং প্রতিকার চেয়ে আসছেন। স্থানীয় জনপ্রতিনিধিরা বিষয়টি খতিয়ে দেখার কথা বলেছেন। পুলিশ জানিয়েছে, তদন্ত চলছে এবং দোষীদের আইনের আওতায় আনা হবে।
পাহাড়ি এলাকায় স্থানীয় বাসিন্দারা জানান, সংশ্লিষ্ট কর্তৃপক্ষের নজরদারির অভাবে এই ঘটনা ঘটছে। প্রশাসনের পক্ষ থেকে দ্রুত ব্যবস্থা নেওয়ার আশ্বাস দেওয়া হয়েছে। এলাকার মানুষ দীর্ঘদিন ধরে এই সমস্যায় ভুগছেন এবং প্রতিকার চেয়ে আসছেন। স্থানীয় জনপ্রতিনিধিরা বিষয়টি খতিয়ে দেখার কথা বলেছেন। পুলিশ জানিয়েছে, তদন্ত চলছে এবং দোষীদের আইনের আওতায় আনা হবে। এ বিষয়ে সংশ্লিষ্ট দপ্তরের কর্মকর্তারা বলেন, প্রয়োজনীয় পদক্ষেপ গ্রহণ করা হয়েছে। সাধারণ মানুষ দ্রুত সমাধান চান। পাহাড়ি এলাকায় স্থানীয় বাসিন্দারা জানান, সংশ্লিষ্ট কর্তৃপক্ষের নজরদারির অভাবে এই ঘটনা ঘটছে। প্রশাসনের পক্ষ থেকে দ্রুত ব্যবস্থা নেওয়ার আশ্বাস দেওয়া হয়েছে। এলাকার মানুষ দীর্ঘদিন ধরে এই সমস্যায় ভুগছেন এবং প্রতিকার চেয়ে আসছেন। স্থানীয় জনপ্রতিনিধিরা বিষয়টি খতিয়ে দেখার কথা বলেছেন। পুলিশ জানিয়েছে, তদন্ত চলছে এবং দোষীদের আইনের আওতায় আনা হবে। এ বিষয়ে সংশ্লিষ্ট দপ্তরের কর্মকর্তারা বলেন, প্রয়োজনীয় পদক্ষেপ গ্রহণ করা হয়েছে। সাধারণ মানুষ দ্রুত সমাধান চান। পাহাড়ি এলাকায় স্থানীয় বাসিন্দারা জানান, সংশ্লিষ্ট কর্তৃপক্ষের নজরদারির অভাবে এই ঘটনা ঘটছে। প্রশাসনের পক্ষ থেকে দ্রুত ব্যবস্থা নেওয়ার আশ্বাস দেওয়া হয়েছে। এলাকার মানুষ দীর্ঘদিন ধরে এই সমস্যায় ভুগছেন এবং প্রতিকার চেয়ে আসছেন। স্থানীয় জনপ্রতিনিধিরা বিষয়টি খতিয়ে দেখার কথা বলেছেন। পুলিশ জানিয়েছে, তদন্ত চলছে এবং দোষীদের আইনের আওতায় আনা হবে।
পাহাড়ি এলাকায় স্থানীয় বাসিন্দারা জানান, সংশ্লিষ্ট কর্তৃপক্ষের নজরদারির অভাবে এই ঘটনা ঘটছে। প্রশাসনের পক্ষ থেকে দ্রুত ব্যবস্থা নেওয়ার আশ্বাস দেওয়া হয়েছে। এলাকার মানুষ দীর্ঘদিন ধরে এই সমস্যায় ভুগছেন এবং প্রতিকার চেয়ে আসছেন। স্থানীয় জনপ্রতিনিধিরা বিষয়টি খতিয়ে দেখার কথা বলেছেন। পুলিশ জানিয়েছে, তদন্ত চলছে এবং দোষীদের আইনের আওতায় আনা হবে। এ বিষয়ে সংশ্লিষ্ট দপ্তরের কর্মকর্তারা বলেন, প্রয়োজনীয় পদক্ষেপ গ্রহণ করা হয়েছে। সাধারণ মানুষ দ্রুত সমাধান চান। পাহাড়ি এলাকায় স্থানীয় বাসিন্দারা জানান, সংশ্লিষ্ট কর্তৃপক্ষের নজরদারির অভাবে এই ঘটনা ঘটছে। প্রশাসনের পক্ষ থেকে দ্রুত ব্যবস্থা নেওয়ার আশ্বাস দেওয়া হয়েছে। এলাকার মানুষ দীর্ঘদিন ধরে এই সমস্যায় ভুগছেন এবং প্রতিকার চেয়ে আসছেন। স্থানীয় জনপ্রতিনিধিরা বিষয়টি খতিয়ে দেখার কথা বলেছেন। পুলিশ জানিয়েছে, তদন্ত চলছে এবং দোষীদের আইনের আওতায় আনা হবে। এ বিষয়ে সংশ্লিষ্ট দপ্তরের কর্মকর্তারা বলেন, প্রয়োজনীয় পদক্ষেপ গ্রহণ করা হয়েছে। সাধারণ মানুষ দ্রুত সমাধান চান। পাহাড়ি এলাকায় স্থানীয় বাসিন্দারা জানান, সংশ্লিষ্ট কর্তৃপক্ষের নজরদারির অভাবে এই ঘটনা ঘটছে। প্রশাসনের পক্ষ থেকে দ্রুত ব্যবস্থা নেওয়ার আশ্বাস দেওয়া হয়েছে। এলাকার মানুষ দীর্ঘদিন ধরে এই সমস্যায় ভুগছেন এবং প্রতিকার চেয়ে আসছেন। স্থানীয় জনপ্রতিনিধিরা বিষয়টি খতিয়ে দেখার কথা বলেছেন। পুলিশ জানিয়েছে, তদন্ত চলছে এবং দোষীদের আইনের আওতায় আনা হবে।
পাহাড়ি এলাকায় স্থানীয় বাসিন্দারা জানান, সংশ্লিষ্ট কর্তৃপক্ষের নজরদারির অভাবে এই ঘটনা ঘটছে। প্রশাসনের পক্ষ থেকে দ্রুত ব্যবস্থা নেওয়ার আশ্বাস দেওয়া হয়েছে। এলাকার মানুষ দীর্ঘদিন ধরে এই সমস্যায় ভুগছেন এবং প্রতিকার চেয়ে আসছেন। স্থানীয় জনপ্রতিনিধিরা বিষয়টি খতিয়ে দেখার কথা বলেছেন। পুলিশ জানিয়েছে, তদন্ত চলছে এবং দোষীদের আইনের আওতায় আনা হবে। এ বিষয়ে সংশ্লিষ্ট দপ্তরের কর্মকর্তারা বলেন, প্রয়োজনীয় পদক্ষেপ গ্রহণ করা হয়েছে। সাধারণ মানুষ দ্রুত সমাধান চান। পাহাড়ি এলাকায় স্থানীয় বাসিন্দারা জানান, সংশ্লিষ্ট কর্তৃপক্ষের নজরদারির অভাবে এই ঘটনা ঘটছে। প্রশাসনের পক্ষ থেকে দ্রুত ব্যবস্থা নেওয়ার আশ্বাস দেওয়া হয়েছে। এলাকার মানুষ দীর্ঘদিন ধরে এই সমস্যায় ভুগছেন এবং প্রতিকার চেয়ে আসছেন। স্থানীয় জনপ্রতিনিধিরা বিষয়টি খতিয়ে দেখার কথা বলেছেন। পুলিশ জানিয়েছে, তদন্ত চলছে এবং দোষীদের আইনের আওতায় আনা হবে। এ বিষয়ে সংশ্লিষ্ট দপ্তরের কর্মকর্তারা বলেন, প্রয়োজনীয় পদক্ষেপ গ্রহণ করা হয়েছে। সাধারণ মানুষ দ্রুত সমাধান চান। পাহাড়ি এলাকায় স্থানীয় বাসিন্দারা জানান, সংশ্লিষ্ট কর্তৃপক্ষের নজরদারির অভাবে এই ঘটনা ঘটছে। প্রশাসনের পক্ষ থেকে দ্রুত ব্যবস্থা নেওয়ার আশ্বাস দেওয়া হয়েছে। এলাকার মানুষ দীর্ঘদিন ধরে এই সমস্যায় ভুগছেন এবং প্রতিকার চেয়ে আসছেন। স্থানীয় জনপ্রতিনিধিরা বিষয়টি খতিয়ে দেখার কথা বলেছেন। পুলিশ জানিয়েছে, তদন্ত চলছে এবং দোষীদের আইনের আওতায় আনা হবে।
পাহাড়ি এলাকায় স্থানীয় বাসিন্দারা জানান, সংশ্লিষ্ট কর্তৃপক্ষের নজরদারির অভাবে এই ঘটনা ঘটছে। প্রশাসনের পক্ষ থেকে দ্রুত ব্যবস্থা নেওয়ার আশ্বাস দেওয়া হয়েছে। এলাকার মানুষ দীর্ঘদিন ধরে এই সমস্যায় ভুগছেন এবং প্রতিকার চেয়ে আসছেন। স্থানীয় জনপ্রতিনিধিরা বিষয়টি খতিয়ে দেখার কথা বলেছেন। পুলিশ জানিয়েছে, তদন্ত চলছে এবং দোষীদের আইনের আওতায় আনা হবে। এ বিষয়ে সংশ্লিষ্ট দপ্তরের কর্মকর্তারা বলেন, প্রয়োজনীয় পদক্ষেপ গ্রহণ করা হয়েছে। সাধারণ মানুষ দ্রুত সমাধান চান। পাহাড়ি এলাকায় স্থানীয় বাসিন্দারা জানান, সংশ্লিষ্ট কর্তৃপক্ষের নজরদারির অভাবে এই ঘটনা ঘটছে। প্রশাসনের পক্ষ থেকে দ্রুত ব্যবস্থা নেওয়ার আশ্বাস দেওয়া হয়েছে। এলাকার মানুষ দীর্ঘদিন ধরে এই সমস্যায় ভুগছেন এবং প্রতিকার চেয়ে আসছেন। স্থানীয় জনপ্রতিনিধিরা বিষয়টি খতিয়ে দেখার কথা বলেছেন। পুলিশ জানিয়েছে, তদন্ত চলছে এবং দোষীদের আইনের আওতায় আনা হবে। এ বিষয়ে সংশ্লিষ্ট দপ্তরের কর্মকর্তারা বলেন, প্রয়োজনীয় পদক্ষেপ গ্রহণ করা হয়েছে। সাধারণ মানুষ দ্রুত সমাধান চান। পাহাড়ি এলাকায় স্থানীয় বাসিন্দারা জানান, সংশ্লিষ্ট কর্তৃপক্ষের নজরদারির অভাবে এই ঘটনা ঘটছে। প্রশাসনের পক্ষ থেকে দ্রুত ব্যবস্থা নেওয়ার আশ্বাস দেওয়া হয়েছে। এলাকার মানুষ দীর্ঘদিন ধরে এই সমস্যায় ভুগছেন এবং প্রতিকার চেয়ে আসছেন। স্থানীয় জনপ্রতিনিধিরা বিষয়টি খতিয়ে দেখার কথা বলেছেন। পুলিশ জানিয়েছে, তদন্ত চলছে এবং দোষীদের আইনের আওতায় আনা হবে।
পাহাড়ি এলাকায় স্থানীয় বাসিন্দারা জানান, সংশ্লিষ্ট কর্তৃপক্ষের নজরদারির অভাবে এই ঘটনা ঘটছে। প্রশাসনের পক্ষ থেকে দ্রুত ব্যবস্থা নেওয়ার আশ্বাস দেওয়া হয়েছে। এলাকার মানুষ দীর্ঘদিন ধরে এই সমস্যায় ভুগছেন এবং প্রতিকার চেয়ে আসছেন। স্থানীয় জনপ্রতিনিধিরা বিষয়টি খতিয়ে দেখার কথা বলেছেন। পুলিশ জানিয়েছে, তদন্ত চলছে এবং দোষীদের আইনের আওতায় আনা হবে। এ বিষয়ে সংশ্লিষ্ট দপ্তরের কর্মকর্তারা বলেন, প্রয়োজনীয় পদক্ষেপ গ্রহণ করা হয়েছে। সাধারণ মানুষ দ্রুত সমাধান চান। পাহাড়ি এলাকায় স্থানীয় বাসিন্দারা জানান, সংশ্লিষ্ট কর্তৃপক্ষের নজরদারির অভাবে এই ঘটনা ঘটছে। প্রশাসনের পক্ষ থেকে দ্রুত ব্যবস্থা নেওয়ার আশ্বাস দেওয়া হয়েছে। এলাকার মানুষ দীর্ঘদিন ধরে এই সমস্যায় ভুগছেন এবং প্রতিকার চেয়ে আসছেন। স্থানীয় জনপ্রতিনিধিরা বিষয়টি খতিয়ে দেখার কথা বলেছেন। পুলিশ জানিয়েছে, তদন্ত চলছে এবং দোষীদের আইনের আওতায় আনা হবে। এ বিষয়ে সংশ্লিষ্ট দপ্তরের কর্মকর্তারা বলেন, প্রয়োজনীয় পদক্ষেপ গ্রহণ করা হয়েছে। সাধারণ মানুষ দ্রুত সমাধান চান। পাহাড়ি এলাকায় স্থানীয় বাসিন্দারা জানান, সংশ্লিষ্ট কর্তৃপক্ষের নজরদারির অভাবে এই ঘটনা ঘটছে। প্রশাসনের পক্ষ থেকে দ্রুত ব্যবস্থা নেওয়ার আশ্বাস দেওয়া হয়েছে। এলাকার মানুষ দীর্ঘদিন ধরে এই সমস্যায় ভুগছেন এবং প্রতিকার চেয়ে আসছেন। স্থানীয় জনপ্রতিনিধিরা বিষয়টি খতিয়ে দেখার কথা বলেছেন। পুলিশ জানিয়েছে, তদন্ত চলছে এবং দোষীদের আইনের আওতায় আনা হবে।
